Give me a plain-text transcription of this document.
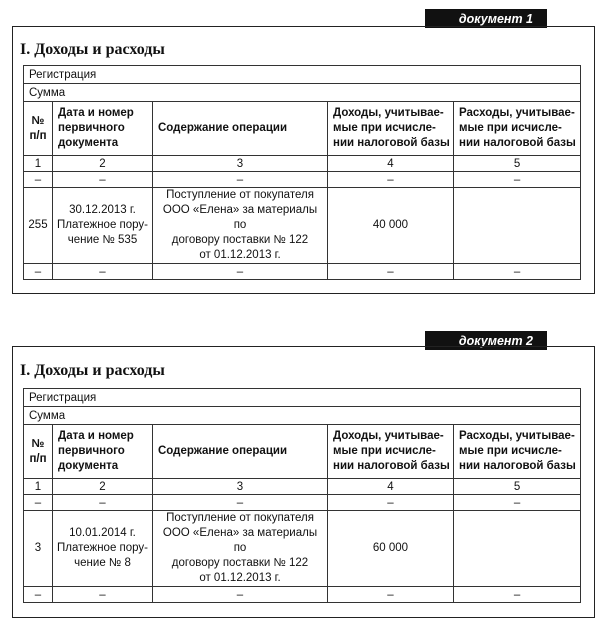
документ 1
I. Доходы и расходы
Регистрация				
Сумма				
№
п/п	Дата и номер
первичного
документа	Содержание операции	Доходы, учитывае-
мые при исчисле-
нии налоговой базы	Расходы, учитывае-
мые при исчисле-
нии налоговой базы
1	2	3	4	5
–	–	–	–	–
255	30.12.2013 г.
Платежное пору-
чение № 535	Поступление от покупателя
ООО «Елена» за материалы по
договору поставки № 122
от 01.12.2013 г.	40 000	
–	–	–	–	–
документ 2
I. Доходы и расходы
Регистрация				
Сумма				
№
п/п	Дата и номер
первичного
документа	Содержание операции	Доходы, учитывае-
мые при исчисле-
нии налоговой базы	Расходы, учитывае-
мые при исчисле-
нии налоговой базы
1	2	3	4	5
–	–	–	–	–
3	10.01.2014 г.
Платежное пору-
чение № 8	Поступление от покупателя
ООО «Елена» за материалы по
договору поставки № 122
от 01.12.2013 г.	60 000	
–	–	–	–	–
